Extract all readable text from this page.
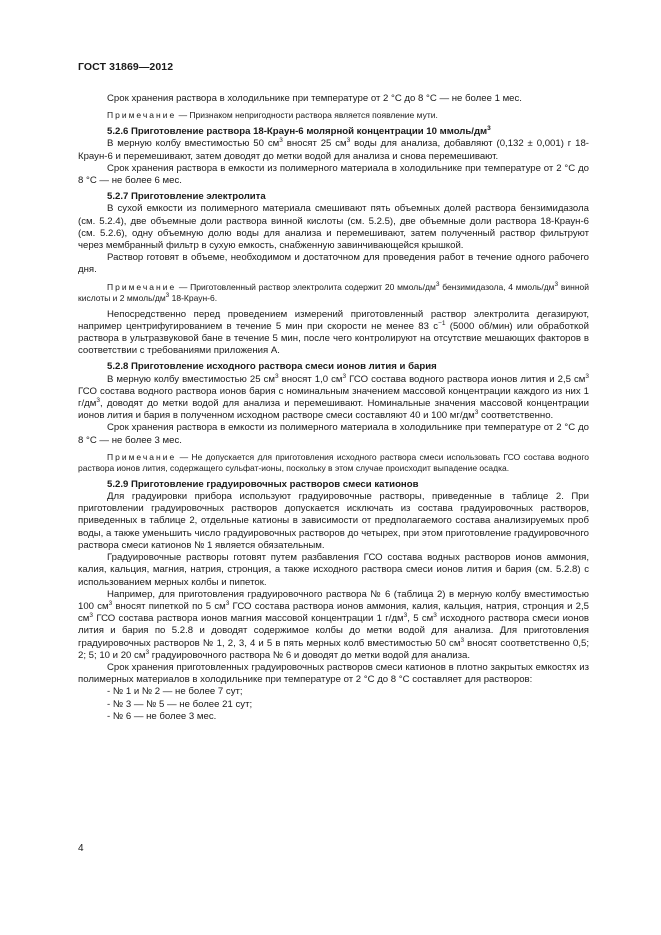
ГОСТ 31869—2012

Срок хранения раствора в холодильнике при температуре от 2 °С до 8 °С — не более 1 мес.

Примечание — Признаком непригодности раствора является появление мути.

5.2.6 Приготовление раствора 18-Краун-6 молярной концентрации 10 ммоль/$дм^3$

В мерную колбу вместимостью 50 $см^3$ вносят 25 $см^3$ воды для анализа, добавляют (0,132 ± 0,001) г 18-Краун-6 и перемешивают, затем доводят до метки водой для анализа и снова перемешивают.

Срок хранения раствора в емкости из полимерного материала в холодильнике при температуре от 2 °С до 8 °С — не более 6 мес.

5.2.7 Приготовление электролита

В сухой емкости из полимерного материала смешивают пять объемных долей раствора бензимидазола (см. 5.2.4), две объемные доли раствора винной кислоты (см. 5.2.5), две объемные доли раствора 18-Краун-6 (см. 5.2.6), одну объемную долю воды для анализа и перемешивают, затем полученный раствор фильтруют через мембранный фильтр в сухую емкость, снабженную завинчивающейся крышкой.

Раствор готовят в объеме, необходимом и достаточном для проведения работ в течение одного рабочего дня.

Примечание — Приготовленный раствор электролита содержит 20 ммоль/$дм^3$ бензимидазола, 4 ммоль/$дм^3$ винной кислоты и 2 ммоль/$дм^3$ 18-Краун-6.

Непосредственно перед проведением измерений приготовленный раствор электролита дегазируют, например центрифугированием в течение 5 мин при скорости не менее 83 $с^{-1}$ (5000 об/мин) или обработкой раствора в ультразвуковой бане в течение 5 мин, после чего контролируют на отсутствие мешающих факторов в соответствии с требованиями приложения А.

5.2.8 Приготовление исходного раствора смеси ионов лития и бария

В мерную колбу вместимостью 25 $см^3$ вносят 1,0 $см^3$ ГСО состава водного раствора ионов лития и 2,5 $см^3$ ГСО состава водного раствора ионов бария с номинальным значением массовой концентрации каждого из них 1 $г/дм^3$, доводят до метки водой для анализа и перемешивают. Номинальные значения массовой концентрации ионов лития и бария в полученном исходном растворе смеси составляют 40 и 100 $мг/дм^3$ соответственно.

Срок хранения раствора в емкости из полимерного материала в холодильнике при температуре от 2 °С до 8 °С — не более 3 мес.

Примечание — Не допускается для приготовления исходного раствора смеси использовать ГСО состава водного раствора ионов лития, содержащего сульфат-ионы, поскольку в этом случае происходит выпадение осадка.

5.2.9 Приготовление градуировочных растворов смеси катионов

Для градуировки прибора используют градуировочные растворы, приведенные в таблице 2. При приготовлении градуировочных растворов допускается исключать из состава градуировочных растворов, приведенных в таблице 2, отдельные катионы в зависимости от предполагаемого состава анализируемых проб воды, а также уменьшить число градуировочных растворов до четырех, при этом приготовление градуировочного раствора смеси катионов № 1 является обязательным.

Градуировочные растворы готовят путем разбавления ГСО состава водных растворов ионов аммония, калия, кальция, магния, натрия, стронция, а также исходного раствора смеси ионов лития и бария (см. 5.2.8) с использованием мерных колбы и пипеток.

Например, для приготовления градуировочного раствора № 6 (таблица 2) в мерную колбу вместимостью 100 $см^3$ вносят пипеткой по 5 $см^3$ ГСО состава раствора ионов аммония, калия, кальция, натрия, стронция и 2,5 $см^3$ ГСО состава раствора ионов магния массовой концентрации 1 $г/дм^3$, 5 $см^3$ исходного раствора смеси ионов лития и бария по 5.2.8 и доводят содержимое колбы до метки водой для анализа. Для приготовления градуировочных растворов № 1, 2, 3, 4 и 5 в пять мерных колб вместимостью 50 $см^3$ вносят соответственно 0,5; 2; 5; 10 и 20 $см^3$ градуировочного раствора № 6 и доводят до метки водой для анализа.

Срок хранения приготовленных градуировочных растворов смеси катионов в плотно закрытых емкостях из полимерных материалов в холодильнике при температуре от 2 °С до 8 °С составляет для растворов:

- № 1 и № 2 — не более 7 сут;

- № 3 — № 5 — не более 21 сут;

- № 6 — не более 3 мес.

4
